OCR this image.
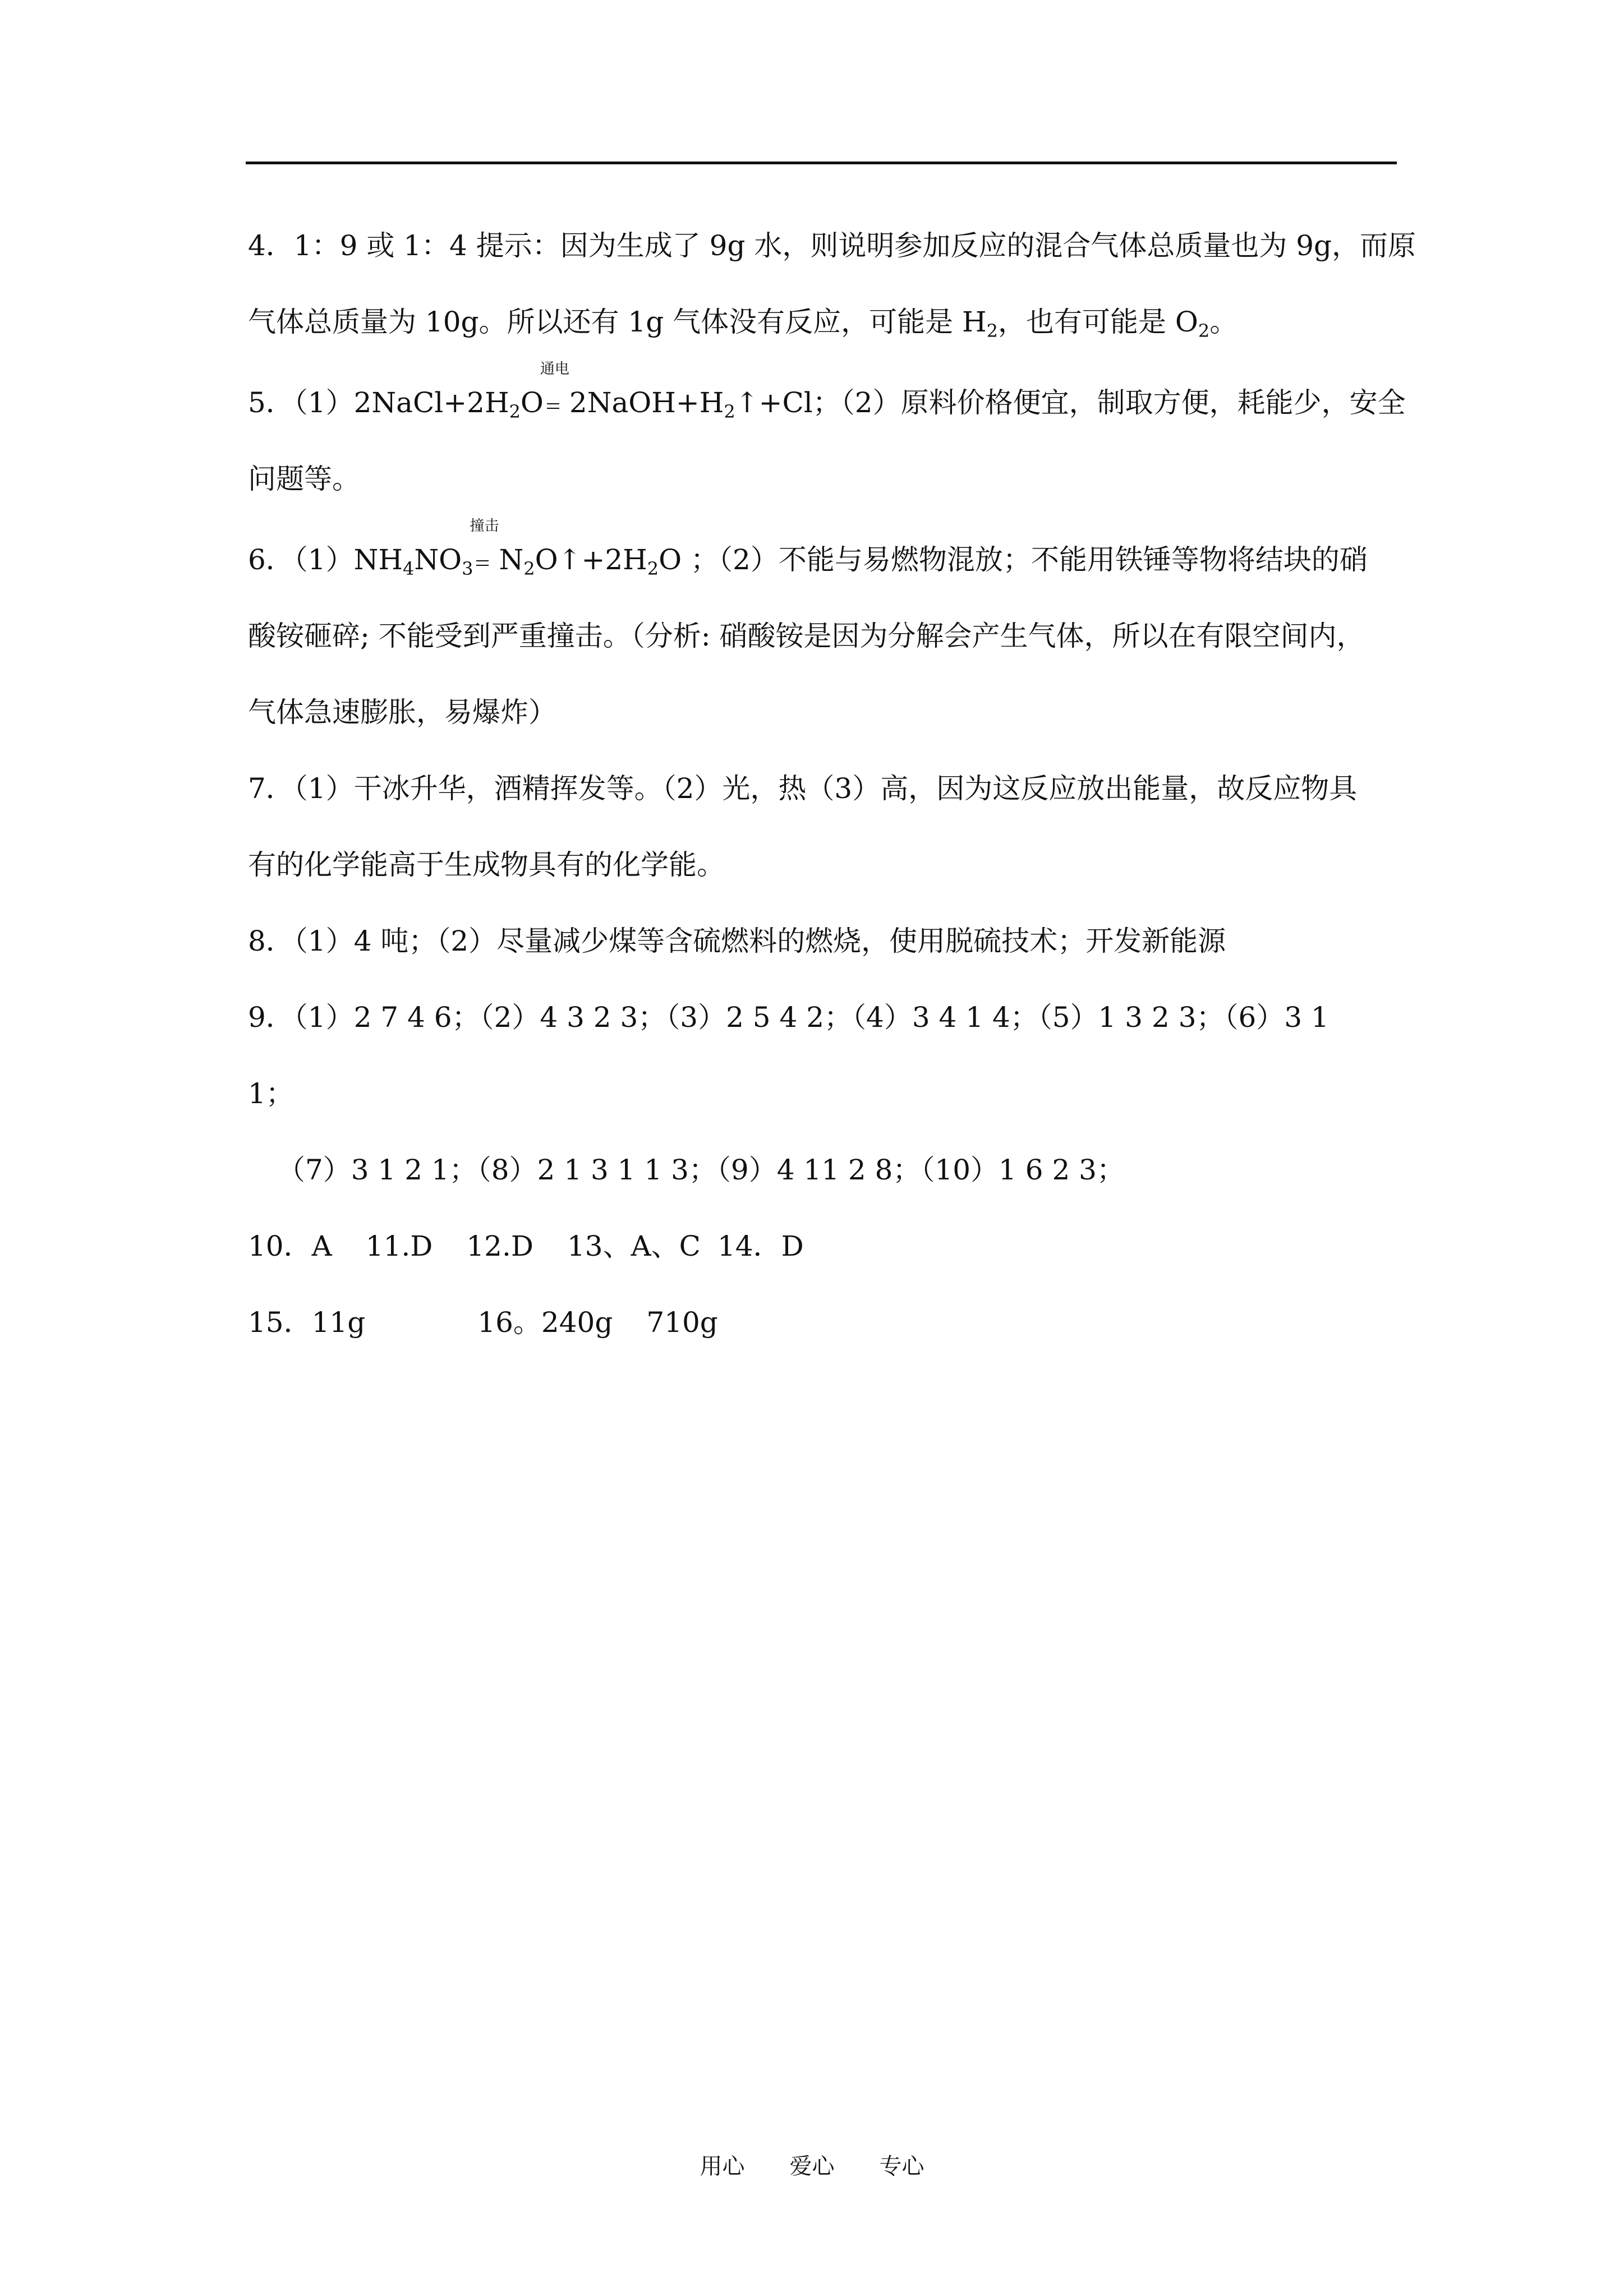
4．1：9 或 1：4 提示：因为生成了 9g 水，则说明参加反应的混合气体总质量也为 9g，而原

气体总质量为 10g。所以还有 1g 气体没有反应，可能是 $H_2$，也有可能是 $O_2$。

5．$(1)2NaCl+2H_2O$
通电
$2NaOH+H_2↑+Cl$；（2）原料价格便宜，制取方便，耗能少，安全

问题等。

6．$(1)NH_4NO_3$
撞击
$N_2O↑+2H_2O$ ；（2）不能与易燃物混放；不能用铁锤等物将结块的硝

酸铵砸碎; 不能受到严重撞击。（分析: 硝酸铵是因为分解会产生气体，所以在有限空间内，

气体急速膨胀，易爆炸）

7．（1）干冰升华，酒精挥发等。（2）光，热（3）高，因为这反应放出能量，故反应物具

有的化学能高于生成物具有的化学能。

8．（1）4 吨；（2）尽量减少煤等含硫燃料的燃烧，使用脱硫技术；开发新能源

9．（1）2 7 4 6；（2）4 3 2 3；（3）2 5 4 2；（4）3 4 1 4；（5）1 3 2 3；（6）3 1

1；

（7）3 1 2 1；（8）2 1 3 1 1 3；（9）4 11 2 8；（10）1 6 2 3；

10．A 11.D 12.D 13、A、C 14．D

15．11g	16。240g 710g

用心 爱心 专心
